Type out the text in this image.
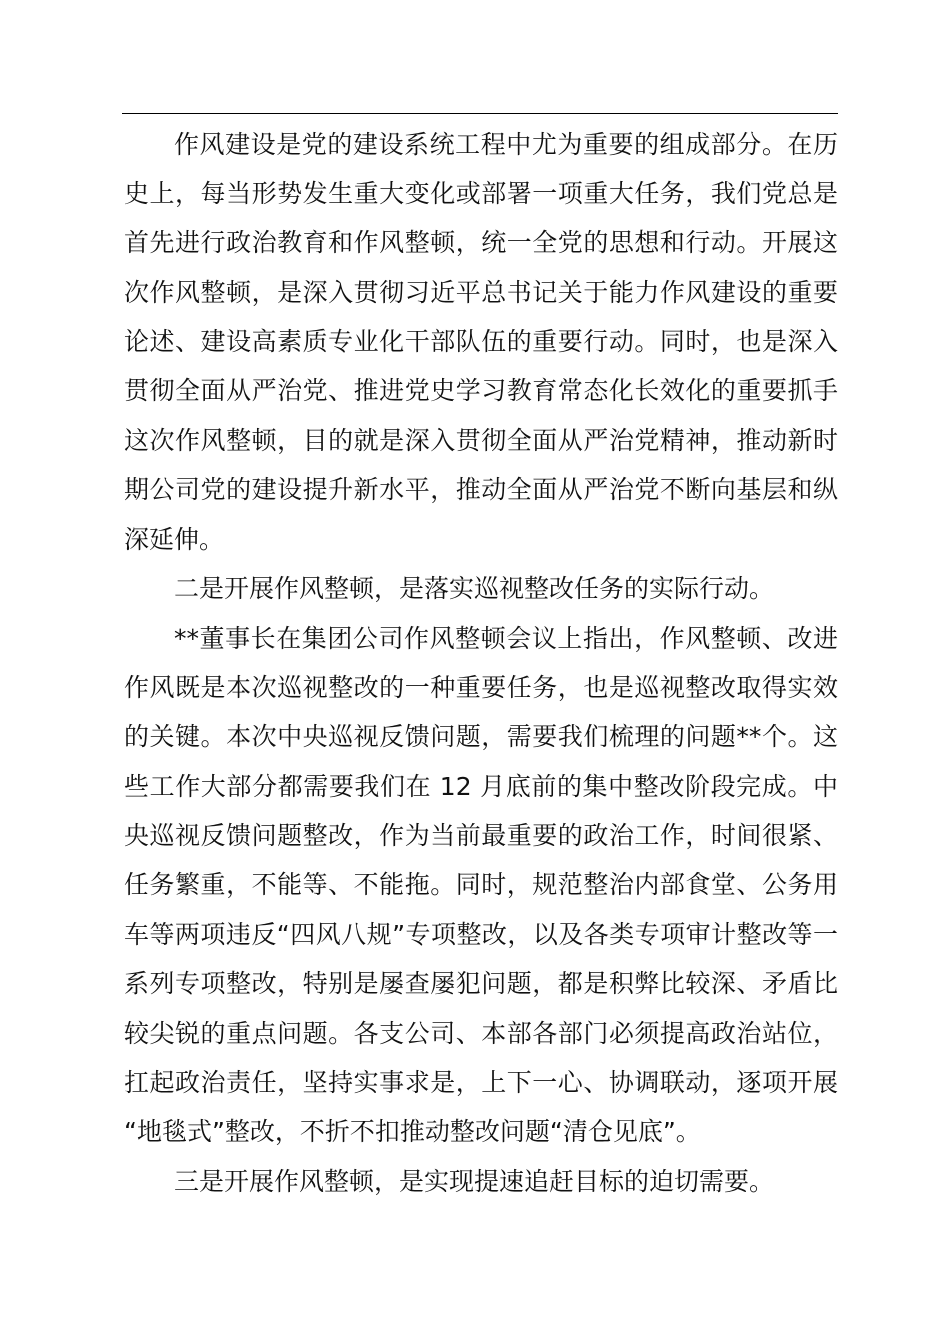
作风建设是党的建设系统工程中尤为重要的组成部分。在历
史上，每当形势发生重大变化或部署一项重大任务，我们党总是
首先进行政治教育和作风整顿，统一全党的思想和行动。开展这
次作风整顿，是深入贯彻习近平总书记关于能力作风建设的重要
论述、建设高素质专业化干部队伍的重要行动。同时，也是深入
贯彻全面从严治党、推进党史学习教育常态化长效化的重要抓手
这次作风整顿，目的就是深入贯彻全面从严治党精神，推动新时
期公司党的建设提升新水平，推动全面从严治党不断向基层和纵
深延伸。
二是开展作风整顿，是落实巡视整改任务的实际行动。
**董事长在集团公司作风整顿会议上指出，作风整顿、改进
作风既是本次巡视整改的一种重要任务，也是巡视整改取得实效
的关键。本次中央巡视反馈问题，需要我们梳理的问题**个。这
些工作大部分都需要我们在 12 月底前的集中整改阶段完成。中
央巡视反馈问题整改，作为当前最重要的政治工作，时间很紧、
任务繁重，不能等、不能拖。同时，规范整治内部食堂、公务用
车等两项违反“四风八规”专项整改，以及各类专项审计整改等一
系列专项整改，特别是屡查屡犯问题，都是积弊比较深、矛盾比
较尖锐的重点问题。各支公司、本部各部门必须提高政治站位，
扛起政治责任，坚持实事求是，上下一心、协调联动，逐项开展
“地毯式”整改，不折不扣推动整改问题“清仓见底”。
三是开展作风整顿，是实现提速追赶目标的迫切需要。
